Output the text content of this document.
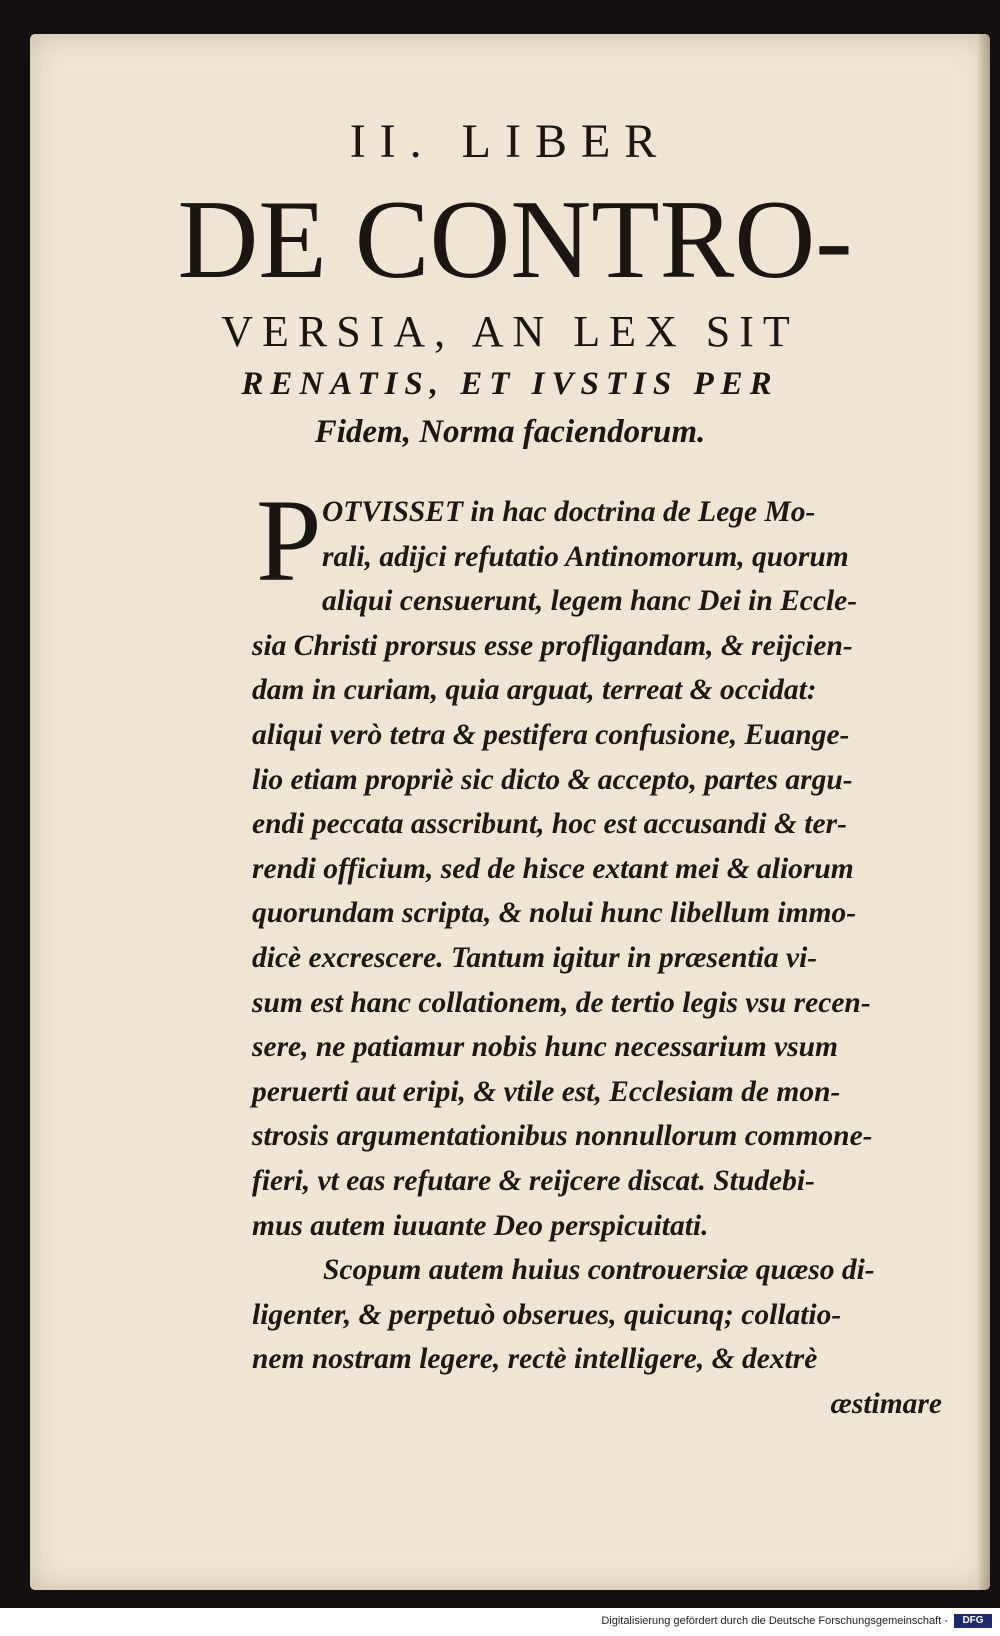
II. LIBER
DE CONTRO-
VERSIA, AN LEX SIT
RENATIS, ET IVSTIS PER
Fidem, Norma faciendorum.
P OTVISSET in hac doctrina de Lege Mo-
rali, adijci refutatio Antinomorum, quorum
aliqui censuerunt, legem hanc Dei in Eccle-
sia Christi prorsus esse profligandam, & reijcien-
dam in curiam, quia arguat, terreat & occidat:
aliqui verò tetra & pestifera confusione, Euange-
lio etiam propriè sic dicto & accepto, partes argu-
endi peccata asscribunt, hoc est accusandi & ter-
rendi officium, sed de hisce extant mei & aliorum
quorundam scripta, & nolui hunc libellum immo-
dicè excrescere. Tantum igitur in præsentia vi-
sum est hanc collationem, de tertio legis vsu recen-
sere, ne patiamur nobis hunc necessarium vsum
peruerti aut eripi, & vtile est, Ecclesiam de mon-
strosis argumentationibus nonnullorum commone-
fieri, vt eas refutare & reijcere discat. Studebi-
mus autem iuuante Deo perspicuitati.
Scopum autem huius controuersiæ quæso di-
ligenter, & perpetuò obserues, quicunq; collatio-
nem nostram legere, rectè intelligere, & dextrè
æstimare
Digitalisierung gefördert durch die Deutsche Forschungsgemeinschaft -	DFG
